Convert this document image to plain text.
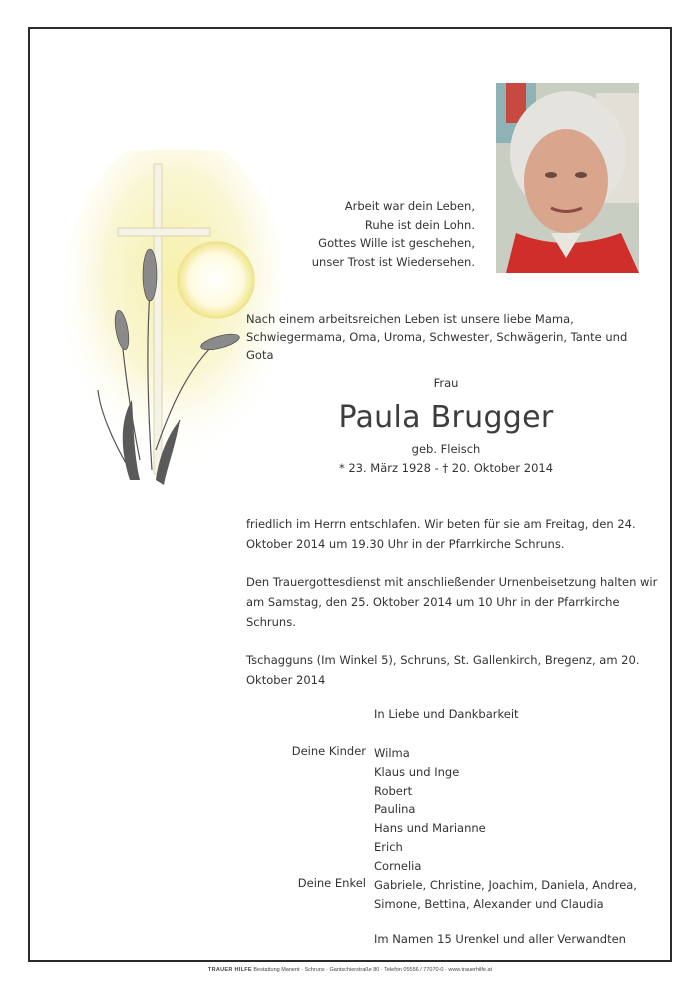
Arbeit war dein Leben,
Ruhe ist dein Lohn.
Gottes Wille ist geschehen,
unser Trost ist Wiedersehen.
Nach einem arbeitsreichen Leben ist unsere liebe Mama, Schwiegermama, Oma, Uroma, Schwester, Schwägerin, Tante und Gota
Frau
Paula Brugger
geb. Fleisch
* 23. März 1928 - † 20. Oktober 2014
friedlich im Herrn entschlafen. Wir beten für sie am Freitag, den 24. Oktober 2014 um 19.30 Uhr in der Pfarrkirche Schruns.
Den Trauergottesdienst mit anschließender Urnenbeisetzung halten wir am Samstag, den 25. Oktober 2014 um 10 Uhr in der Pfarrkirche Schruns.
Tschagguns (Im Winkel 5), Schruns, St. Gallenkirch, Bregenz, am 20. Oktober 2014
In Liebe und Dankbarkeit
Deine Kinder Wilma
Klaus und Inge
Robert
Paulina
Hans und Marianne
Erich
Cornelia
Deine Enkel Gabriele, Christine, Joachim, Daniela, Andrea, Simone, Bettina, Alexander und Claudia
Im Namen 15 Urenkel und aller Verwandten
TRAUER HILFE Bestattung Manent · Schruns · Gantschierstraße 80 · Telefon 05556 / 77070-0 · www.trauerhilfe.at
